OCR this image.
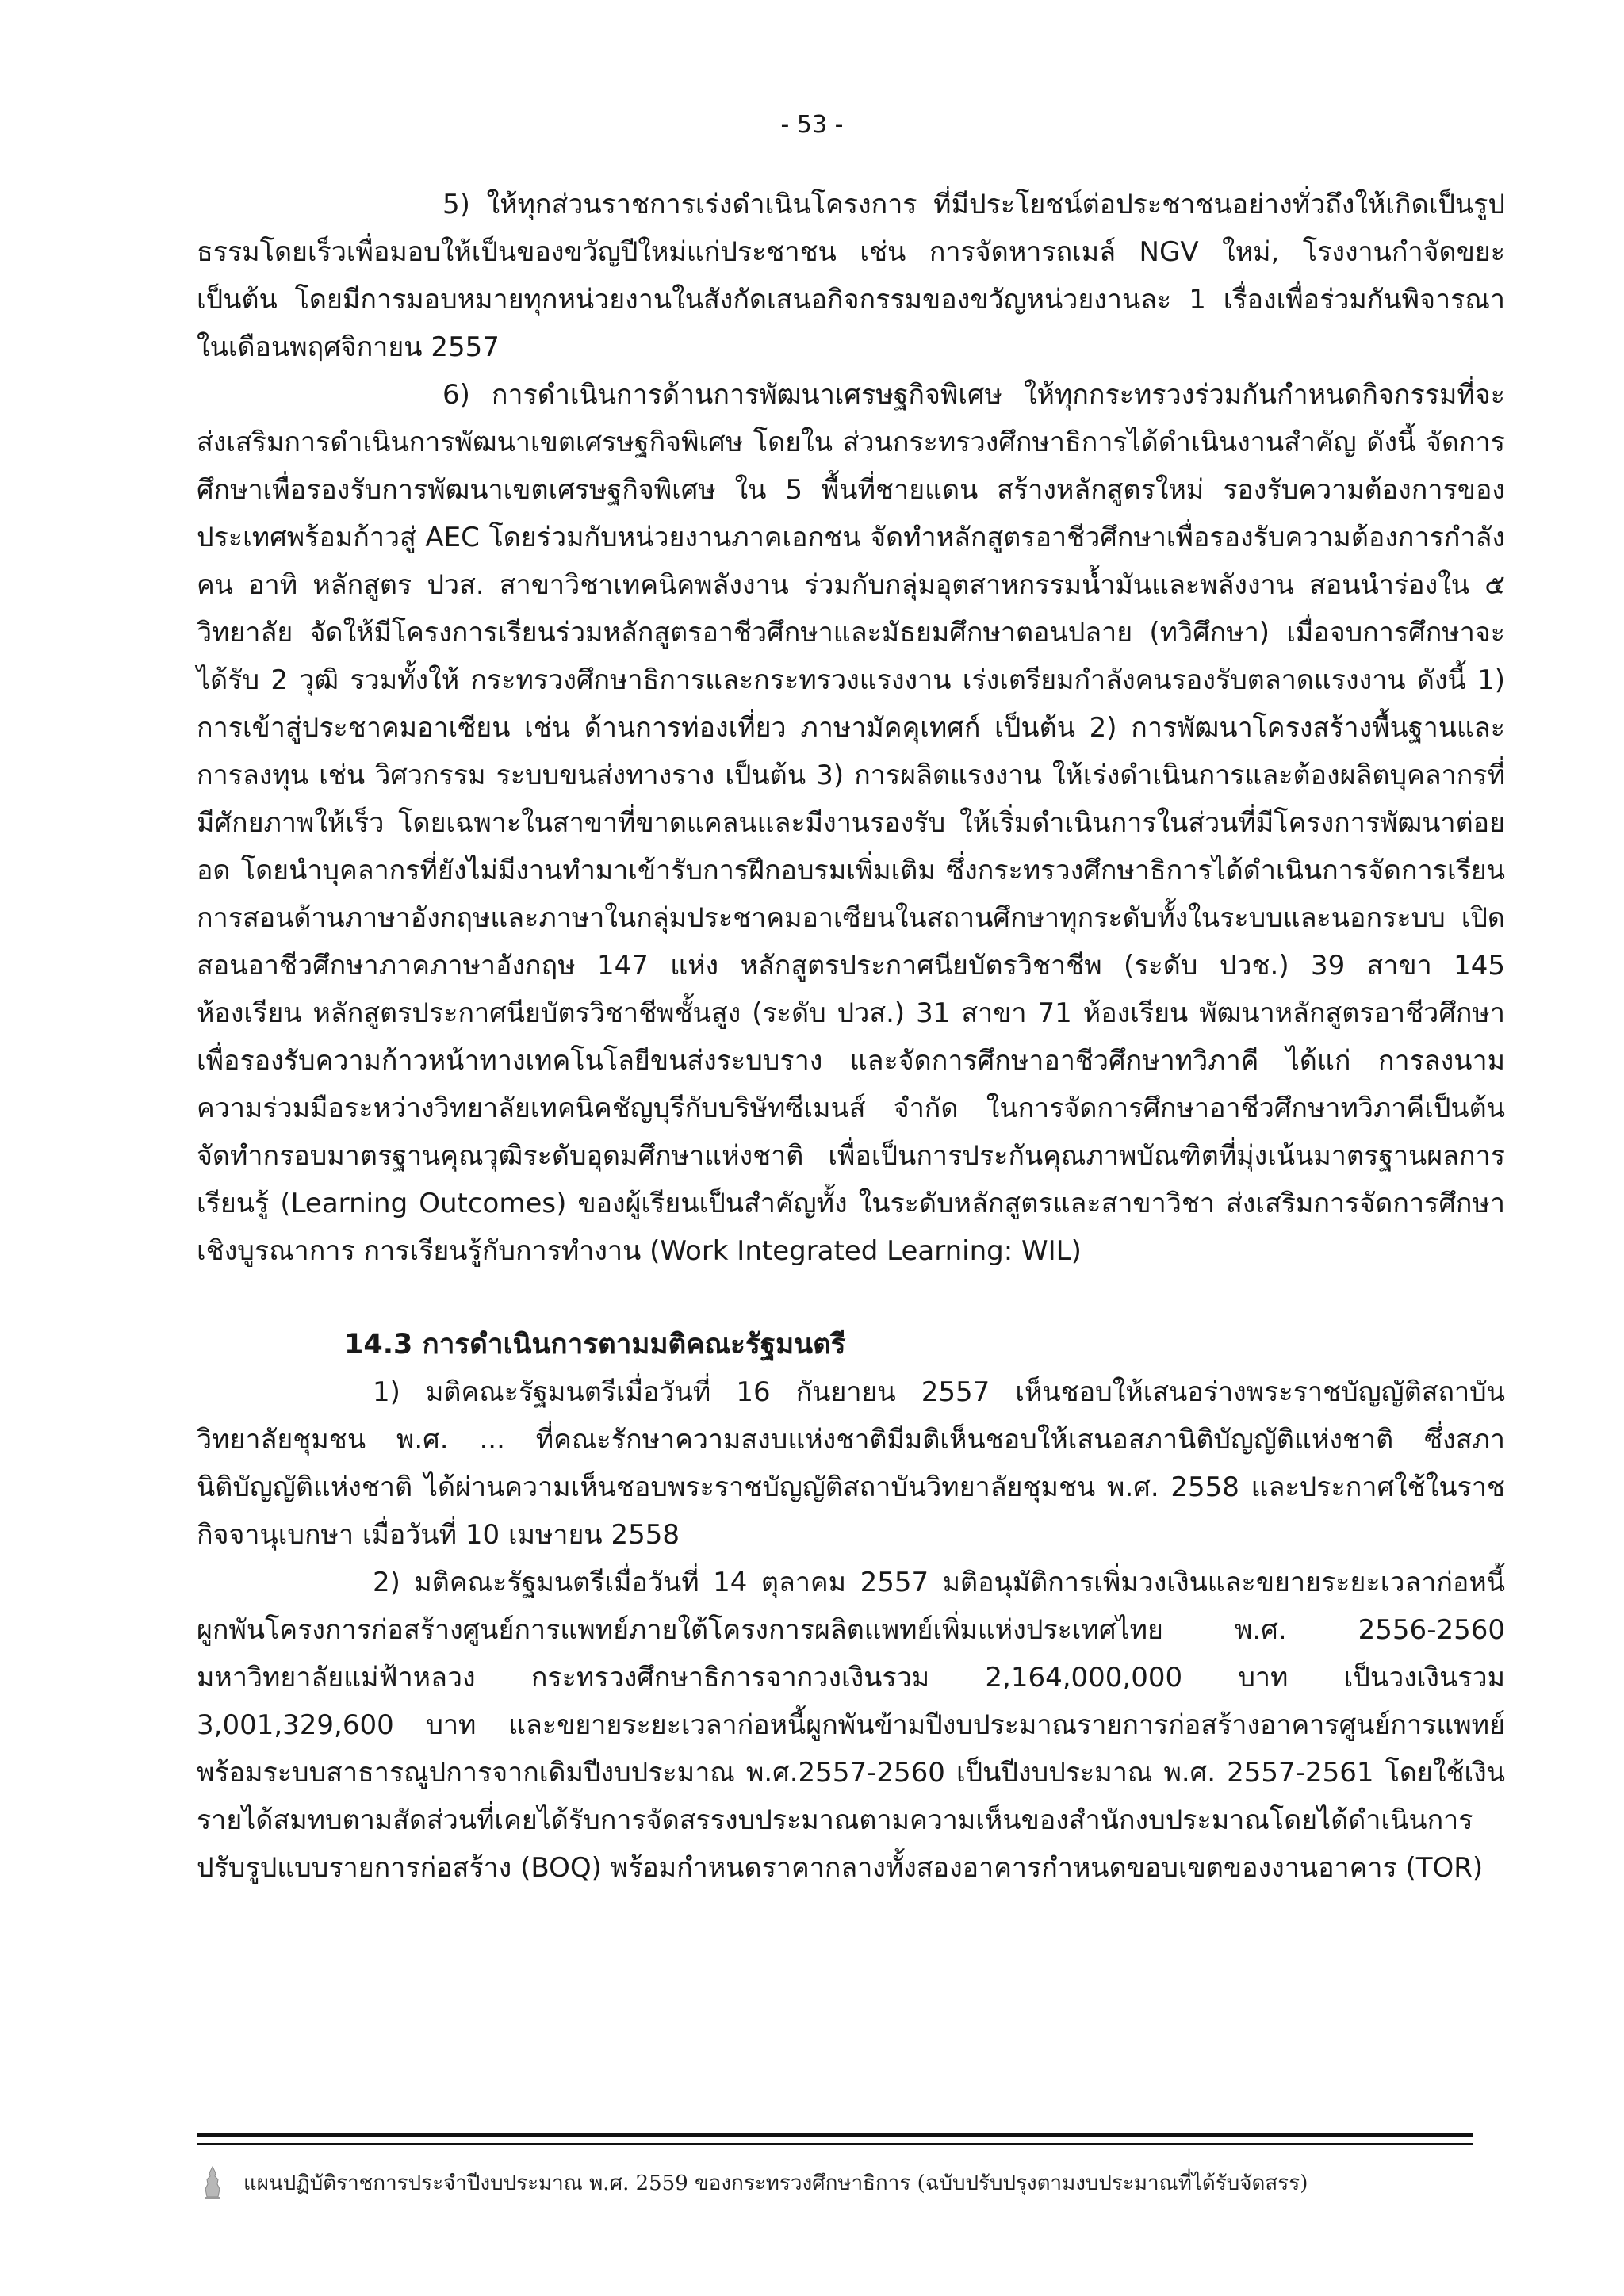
- 53 -

5) ให้ทุกส่วนราชการเร่งดำเนินโครงการ ที่มีประโยชน์ต่อประชาชนอย่างทั่วถึงให้เกิดเป็นรูปธรรมโดยเร็วเพื่อมอบให้เป็นของขวัญปีใหม่แก่ประชาชน เช่น การจัดหารถเมล์ NGV ใหม่, โรงงานกำจัดขยะ เป็นต้น โดยมีการมอบหมายทุกหน่วยงานในสังกัดเสนอกิจกรรมของขวัญหน่วยงานละ 1 เรื่องเพื่อร่วมกันพิจารณาในเดือนพฤศจิกายน 2557

6) การดำเนินการด้านการพัฒนาเศรษฐกิจพิเศษ ให้ทุกกระทรวงร่วมกันกำหนดกิจกรรมที่จะส่งเสริมการดำเนินการพัฒนาเขตเศรษฐกิจพิเศษ โดยใน ส่วนกระทรวงศึกษาธิการได้ดำเนินงานสำคัญ ดังนี้ จัดการศึกษาเพื่อรองรับการพัฒนาเขตเศรษฐกิจพิเศษ ใน 5 พื้นที่ชายแดน สร้างหลักสูตรใหม่ รองรับความต้องการของประเทศพร้อมก้าวสู่ AEC โดยร่วมกับหน่วยงานภาคเอกชน จัดทำหลักสูตรอาชีวศึกษาเพื่อรองรับความต้องการกำลังคน อาทิ หลักสูตร ปวส. สาขาวิชาเทคนิคพลังงาน ร่วมกับกลุ่มอุตสาหกรรมน้ำมันและพลังงาน สอนนำร่องใน ๕ วิทยาลัย จัดให้มีโครงการเรียนร่วมหลักสูตรอาชีวศึกษาและมัธยมศึกษาตอนปลาย (ทวิศึกษา) เมื่อจบการศึกษาจะได้รับ 2 วุฒิ รวมทั้งให้ กระทรวงศึกษาธิการและกระทรวงแรงงาน เร่งเตรียมกำลังคนรองรับตลาดแรงงาน ดังนี้ 1) การเข้าสู่ประชาคมอาเซียน เช่น ด้านการท่องเที่ยว ภาษามัคคุเทศก์ เป็นต้น 2) การพัฒนาโครงสร้างพื้นฐานและการลงทุน เช่น วิศวกรรม ระบบขนส่งทางราง เป็นต้น 3) การผลิตแรงงาน ให้เร่งดำเนินการและต้องผลิตบุคลากรที่มีศักยภาพให้เร็ว โดยเฉพาะในสาขาที่ขาดแคลนและมีงานรองรับ ให้เริ่มดำเนินการในส่วนที่มีโครงการพัฒนาต่อยอด โดยนำบุคลากรที่ยังไม่มีงานทำมาเข้ารับการฝึกอบรมเพิ่มเติม ซึ่งกระทรวงศึกษาธิการได้ดำเนินการจัดการเรียนการสอนด้านภาษาอังกฤษและภาษาในกลุ่มประชาคมอาเซียนในสถานศึกษาทุกระดับทั้งในระบบและนอกระบบ เปิดสอนอาชีวศึกษาภาคภาษาอังกฤษ 147 แห่ง หลักสูตรประกาศนียบัตรวิชาชีพ (ระดับ ปวช.) 39 สาขา 145 ห้องเรียน หลักสูตรประกาศนียบัตรวิชาชีพชั้นสูง (ระดับ ปวส.) 31 สาขา 71 ห้องเรียน พัฒนาหลักสูตรอาชีวศึกษาเพื่อรองรับความก้าวหน้าทางเทคโนโลยีขนส่งระบบราง และจัดการศึกษาอาชีวศึกษาทวิภาคี ได้แก่ การลงนามความร่วมมือระหว่างวิทยาลัยเทคนิคชัญบุรีกับบริษัทซีเมนส์ จำกัด ในการจัดการศึกษาอาชีวศึกษาทวิภาคีเป็นต้น จัดทำกรอบมาตรฐานคุณวุฒิระดับอุดมศึกษาแห่งชาติ เพื่อเป็นการประกันคุณภาพบัณฑิตที่มุ่งเน้นมาตรฐานผลการเรียนรู้ (Learning Outcomes) ของผู้เรียนเป็นสำคัญทั้ง ในระดับหลักสูตรและสาขาวิชา ส่งเสริมการจัดการศึกษาเชิงบูรณาการ การเรียนรู้กับการทำงาน (Work Integrated Learning: WIL)

14.3 การดำเนินการตามมติคณะรัฐมนตรี

1) มติคณะรัฐมนตรีเมื่อวันที่ 16 กันยายน 2557 เห็นชอบให้เสนอร่างพระราชบัญญัติสถาบันวิทยาลัยชุมชน พ.ศ. ... ที่คณะรักษาความสงบแห่งชาติมีมติเห็นชอบให้เสนอสภานิติบัญญัติแห่งชาติ ซึ่งสภานิติบัญญัติแห่งชาติ ได้ผ่านความเห็นชอบพระราชบัญญัติสถาบันวิทยาลัยชุมชน พ.ศ. 2558 และประกาศใช้ในราชกิจจานุเบกษา เมื่อวันที่ 10 เมษายน 2558

2) มติคณะรัฐมนตรีเมื่อวันที่ 14 ตุลาคม 2557 มติอนุมัติการเพิ่มวงเงินและขยายระยะเวลาก่อหนี้ผูกพันโครงการก่อสร้างศูนย์การแพทย์ภายใต้โครงการผลิตแพทย์เพิ่มแห่งประเทศไทย พ.ศ. 2556-2560 มหาวิทยาลัยแม่ฟ้าหลวง กระทรวงศึกษาธิการจากวงเงินรวม 2,164,000,000 บาท เป็นวงเงินรวม 3,001,329,600 บาท และขยายระยะเวลาก่อหนี้ผูกพันข้ามปีงบประมาณรายการก่อสร้างอาคารศูนย์การแพทย์พร้อมระบบสาธารณูปการจากเดิมปีงบประมาณ พ.ศ.2557-2560 เป็นปีงบประมาณ พ.ศ. 2557-2561 โดยใช้เงินรายได้สมทบตามสัดส่วนที่เคยได้รับการจัดสรรงบประมาณตามความเห็นของสำนักงบประมาณโดยได้ดำเนินการปรับรูปแบบรายการก่อสร้าง (BOQ) พร้อมกำหนดราคากลางทั้งสองอาคารกำหนดขอบเขตของงานอาคาร (TOR)

แผนปฏิบัติราชการประจำปีงบประมาณ พ.ศ. 2559 ของกระทรวงศึกษาธิการ (ฉบับปรับปรุงตามงบประมาณที่ได้รับจัดสรร)
